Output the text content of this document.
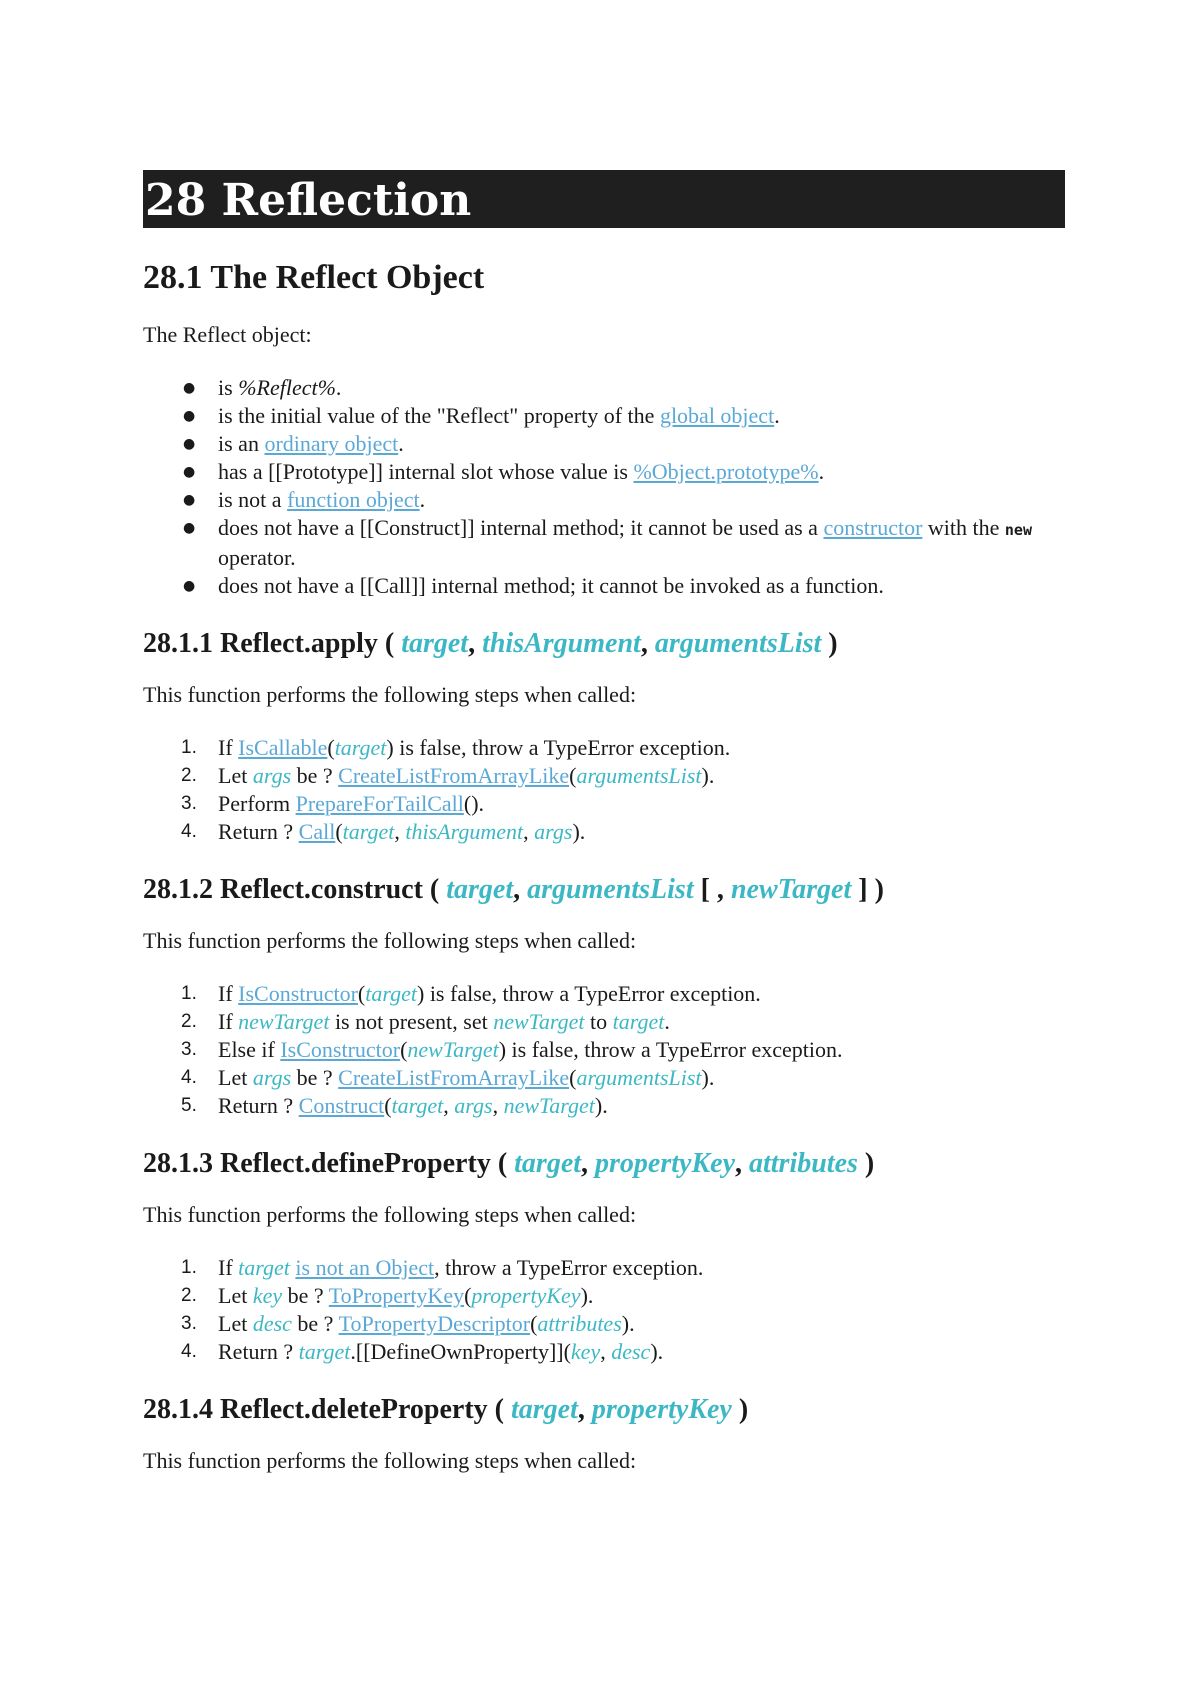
28 Reflection
28.1 The Reflect Object

The Reflect object:

● is %Reflect%.
● is the initial value of the "Reflect" property of the global object.
● is an ordinary object.
● has a [[Prototype]] internal slot whose value is %Object.prototype%.
● is not a function object.
● does not have a [[Construct]] internal method; it cannot be used as a constructor with the new operator.
● does not have a [[Call]] internal method; it cannot be invoked as a function.
28.1.1 Reflect.apply ( target, thisArgument, argumentsList )

This function performs the following steps when called:

1. If IsCallable(target) is false, throw a TypeError exception.
2. Let args be ? CreateListFromArrayLike(argumentsList).
3. Perform PrepareForTailCall().
4. Return ? Call(target, thisArgument, args).
28.1.2 Reflect.construct ( target, argumentsList [ , newTarget ] )

This function performs the following steps when called:

1. If IsConstructor(target) is false, throw a TypeError exception.
2. If newTarget is not present, set newTarget to target.
3. Else if IsConstructor(newTarget) is false, throw a TypeError exception.
4. Let args be ? CreateListFromArrayLike(argumentsList).
5. Return ? Construct(target, args, newTarget).
28.1.3 Reflect.defineProperty ( target, propertyKey, attributes )

This function performs the following steps when called:

1. If target is not an Object, throw a TypeError exception.
2. Let key be ? ToPropertyKey(propertyKey).
3. Let desc be ? ToPropertyDescriptor(attributes).
4. Return ? target.[[DefineOwnProperty]](key, desc).
28.1.4 Reflect.deleteProperty ( target, propertyKey )

This function performs the following steps when called:
